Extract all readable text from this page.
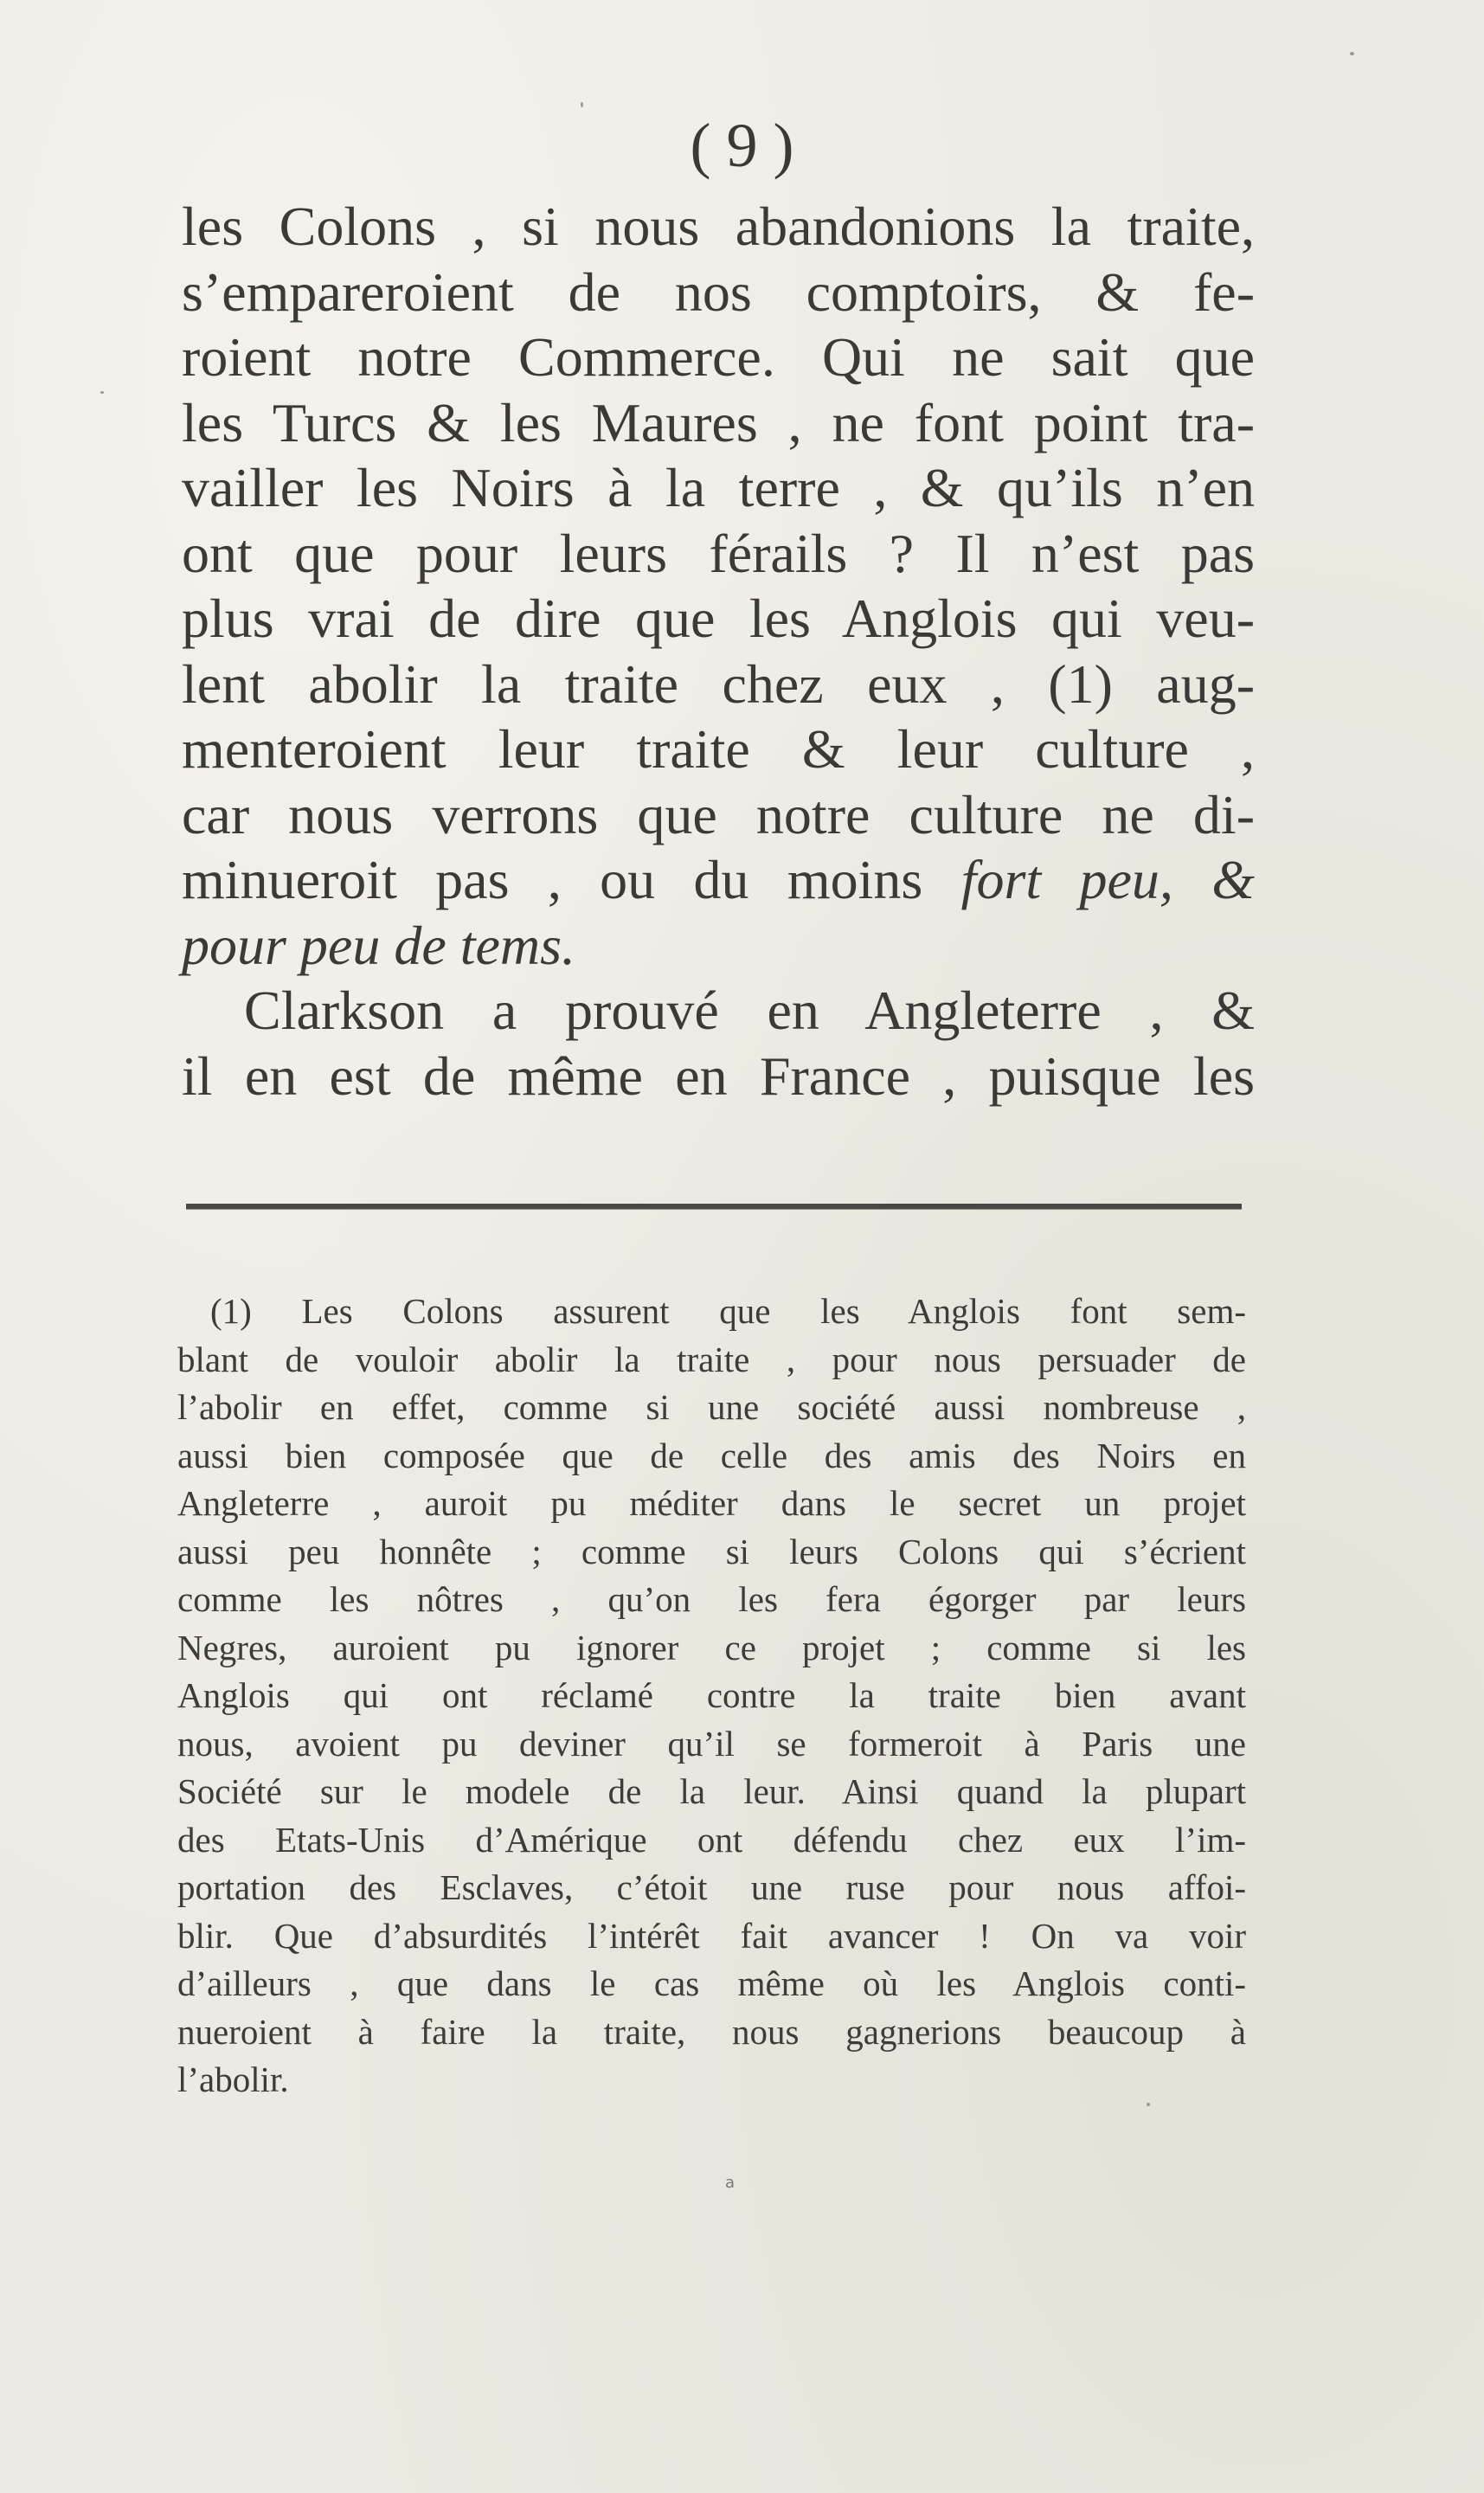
( 9 )
les Colons , si nous abandonions la traite,
s’empareroient de nos comptoirs, & fe-
roient notre Commerce. Qui ne sait que
les Turcs & les Maures , ne font point tra-
vailler les Noirs à la terre , & qu’ils n’en
ont que pour leurs férails ? Il n’est pas
plus vrai de dire que les Anglois qui veu-
lent abolir la traite chez eux , (1) aug-
menteroient leur traite & leur culture ,
car nous verrons que notre culture ne di-
minueroit pas , ou du moins fort peu, &
pour peu de tems.
Clarkson a prouvé en Angleterre , &
il en est de même en France , puisque les
(1) Les Colons assurent que les Anglois font sem-
blant de vouloir abolir la traite , pour nous persuader de
l’abolir en effet, comme si une société aussi nombreuse ,
aussi bien composée que de celle des amis des Noirs en
Angleterre , auroit pu méditer dans le secret un projet
aussi peu honnête ; comme si leurs Colons qui s’écrient
comme les nôtres , qu’on les fera égorger par leurs
Negres, auroient pu ignorer ce projet ; comme si les
Anglois qui ont réclamé contre la traite bien avant
nous, avoient pu deviner qu’il se formeroit à Paris une
Société sur le modele de la leur. Ainsi quand la plupart
des Etats-Unis d’Amérique ont défendu chez eux l’im-
portation des Esclaves, c’étoit une ruse pour nous affoi-
blir. Que d’absurdités l’intérêt fait avancer ! On va voir
d’ailleurs , que dans le cas même où les Anglois conti-
nueroient à faire la traite, nous gagnerions beaucoup à
l’abolir.
a
